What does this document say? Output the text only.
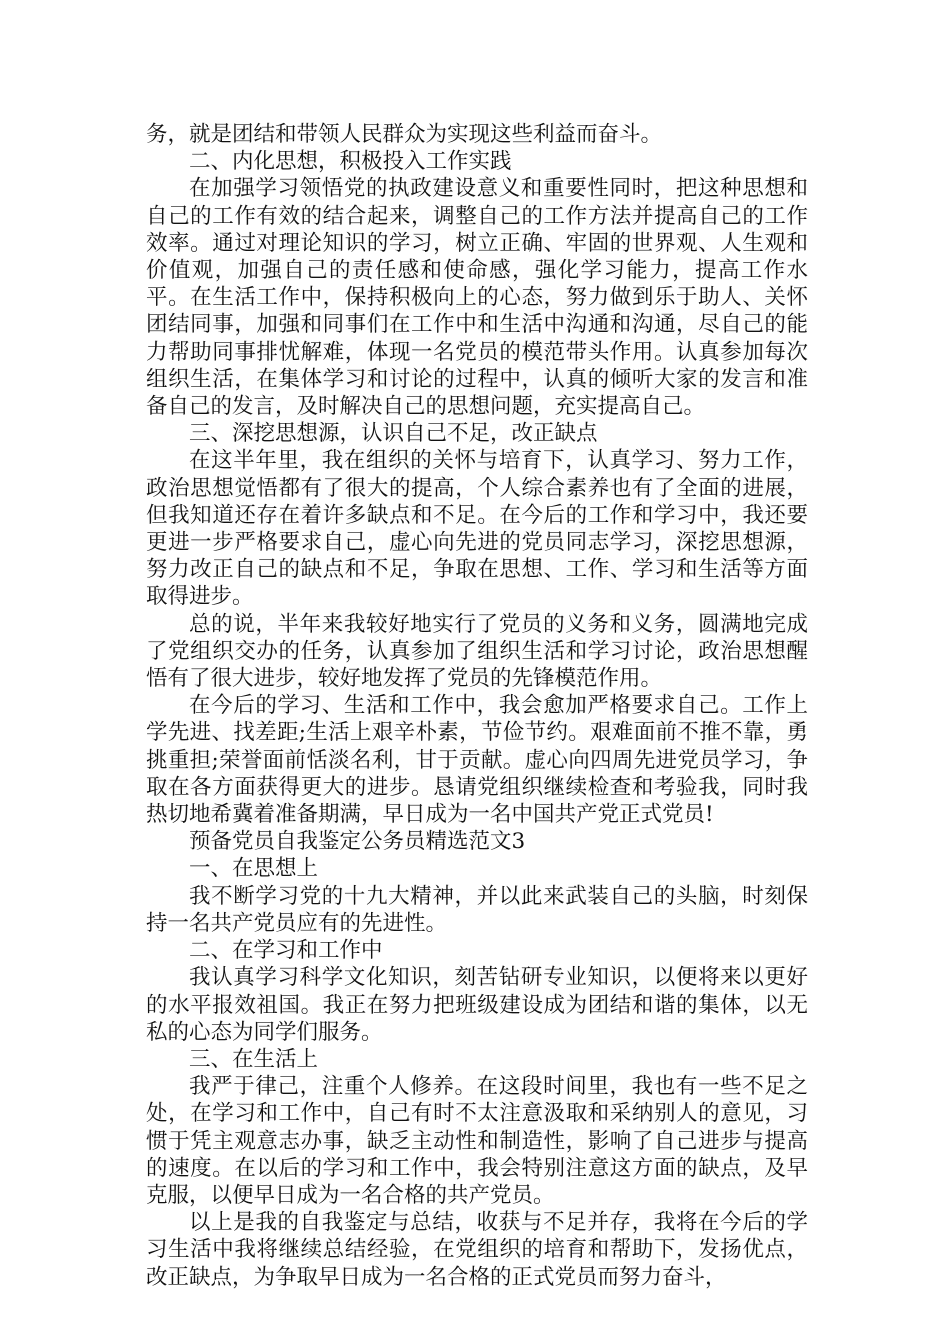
务，就是团结和带领人民群众为实现这些利益而奋斗。

二、内化思想，积极投入工作实践

在加强学习领悟党的执政建设意义和重要性同时，把这种思想和自己的工作有效的结合起来，调整自己的工作方法并提高自己的工作效率。通过对理论知识的学习，树立正确、牢固的世界观、人生观和价值观，加强自己的责任感和使命感，强化学习能力，提高工作水平。在生活工作中，保持积极向上的心态，努力做到乐于助人、关怀团结同事，加强和同事们在工作中和生活中沟通和沟通，尽自己的能力帮助同事排忧解难，体现一名党员的模范带头作用。认真参加每次组织生活，在集体学习和讨论的过程中，认真的倾听大家的发言和准备自己的发言，及时解决自己的思想问题，充实提高自己。

三、深挖思想源，认识自己不足，改正缺点

在这半年里，我在组织的关怀与培育下，认真学习、努力工作，政治思想觉悟都有了很大的提高，个人综合素养也有了全面的进展，但我知道还存在着许多缺点和不足。在今后的工作和学习中，我还要更进一步严格要求自己，虚心向先进的党员同志学习，深挖思想源，努力改正自己的缺点和不足，争取在思想、工作、学习和生活等方面取得进步。

总的说，半年来我较好地实行了党员的义务和义务，圆满地完成了党组织交办的任务，认真参加了组织生活和学习讨论，政治思想醒悟有了很大进步，较好地发挥了党员的先锋模范作用。

在今后的学习、生活和工作中，我会愈加严格要求自己。工作上学先进、找差距;生活上艰辛朴素，节俭节约。艰难面前不推不靠，勇挑重担;荣誉面前恬淡名利，甘于贡献。虚心向四周先进党员学习，争取在各方面获得更大的进步。恳请党组织继续检查和考验我，同时我热切地希冀着准备期满，早日成为一名中国共产党正式党员!

预备党员自我鉴定公务员精选范文3

一、在思想上

我不断学习党的十九大精神，并以此来武装自己的头脑，时刻保持一名共产党员应有的先进性。

二、在学习和工作中

我认真学习科学文化知识，刻苦钻研专业知识，以便将来以更好的水平报效祖国。我正在努力把班级建设成为团结和谐的集体，以无私的心态为同学们服务。

三、在生活上

我严于律己，注重个人修养。在这段时间里，我也有一些不足之处，在学习和工作中，自己有时不太注意汲取和采纳别人的意见，习惯于凭主观意志办事，缺乏主动性和制造性，影响了自己进步与提高的速度。在以后的学习和工作中，我会特别注意这方面的缺点，及早克服，以便早日成为一名合格的共产党员。

以上是我的自我鉴定与总结，收获与不足并存，我将在今后的学习生活中我将继续总结经验，在党组织的培育和帮助下，发扬优点，改正缺点，为争取早日成为一名合格的正式党员而努力奋斗，
